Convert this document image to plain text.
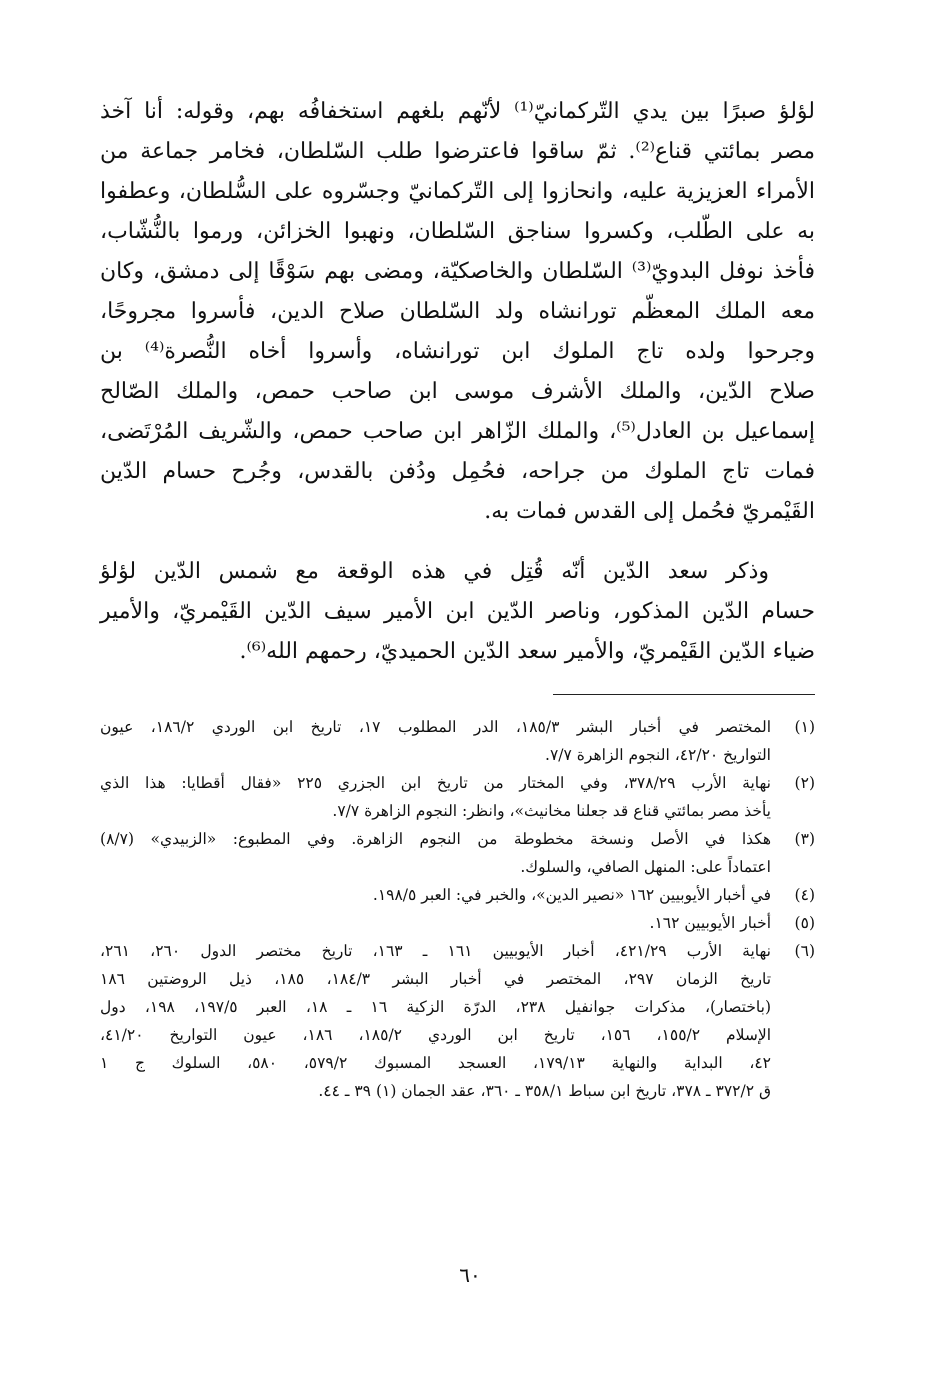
لؤلؤ صبرًا بين يدي التّركمانيّ⁽¹⁾ لأنّهم بلغهم استخفافُه بهم، وقوله: أنا آخذ
مصر بمائتي قناع⁽²⁾. ثمّ ساقوا فاعترضوا طلب السّلطان، فخامر جماعة من
الأمراء العزيزية عليه، وانحازوا إلى التّركمانيّ وجسّروه على السُّلطان، وعطفوا
به على الطّلب، وكسروا سناجق السّلطان، ونهبوا الخزائن، ورموا بالنُّشّاب،
فأخذ نوفل البدويّ⁽³⁾ السّلطان والخاصكيّة، ومضى بهم سَوْقًا إلى دمشق، وكان
معه الملك المعظّم تورانشاه ولد السّلطان صلاح الدين، فأسروا مجروحًا،
وجرحوا ولده تاج الملوك ابن تورانشاه، وأسروا أخاه النُّصرة⁽⁴⁾ بن
صلاح الدّين، والملك الأشرف موسى ابن صاحب حمص، والملك الصّالح
إسماعيل بن العادل⁽⁵⁾، والملك الزّاهر ابن صاحب حمص، والشّريف المُرْتَضى،
فمات تاج الملوك من جراحه، فحُمِل ودُفن بالقدس، وجُرح حسام الدّين
القَيْمريّ فحُمل إلى القدس فمات به.

وذكر سعد الدّين أنّه قُتِل في هذه الوقعة مع شمس الدّين لؤلؤ
حسام الدّين المذكور، وناصر الدّين ابن الأمير سيف الدّين القَيْمريّ، والأمير
ضياء الدّين القَيْمريّ، والأمير سعد الدّين الحميديّ، رحمهم الله⁽⁶⁾.

(١)
المختصر في أخبار البشر ١٨٥/٣، الدر المطلوب ١٧، تاريخ ابن الوردي ١٨٦/٢، عيون
التواريخ ٤٢/٢٠، النجوم الزاهرة ٧/٧.
(٢)
نهاية الأرب ٣٧٨/٢٩، وفي المختار من تاريخ ابن الجزري ٢٢٥ «فقال أقطايا: هذا الذي
يأخذ مصر بمائتي قناع قد جعلنا مخانيث»، وانظر: النجوم الزاهرة ٧/٧.
(٣)
هكذا في الأصل ونسخة مخطوطة من النجوم الزاهرة. وفي المطبوع: «الزبيدي» (٨/٧)
اعتماداً على: المنهل الصافي، والسلوك.
(٤)
في أخبار الأيوبيين ١٦٢ «نصير الدين»، والخبر في: العبر ١٩٨/٥.
(٥)
أخبار الأيوبيين ١٦٢.
(٦)
نهاية الأرب ٤٢١/٢٩، أخبار الأيوبيين ١٦١ ـ ١٦٣، تاريخ مختصر الدول ٢٦٠، ٢٦١،
تاريخ الزمان ٢٩٧، المختصر في أخبار البشر ١٨٤/٣، ١٨٥، ذيل الروضتين ١٨٦
(باختصار)، مذكرات جوانفيل ٢٣٨، الدرّة الزكية ١٦ ـ ١٨، العبر ١٩٧/٥، ١٩٨، دول
الإسلام ١٥٥/٢، ١٥٦، تاريخ ابن الوردي ١٨٥/٢، ١٨٦، عيون التواريخ ٤١/٢٠،
٤٢، البداية والنهاية ١٧٩/١٣، العسجد المسبوك ٥٧٩/٢، ٥٨٠، السلوك ج ١
ق ٣٧٢/٢ ـ ٣٧٨، تاريخ ابن سباط ٣٥٨/١ ـ ٣٦٠، عقد الجمان (١) ٣٩ ـ ٤٤.
٦٠
